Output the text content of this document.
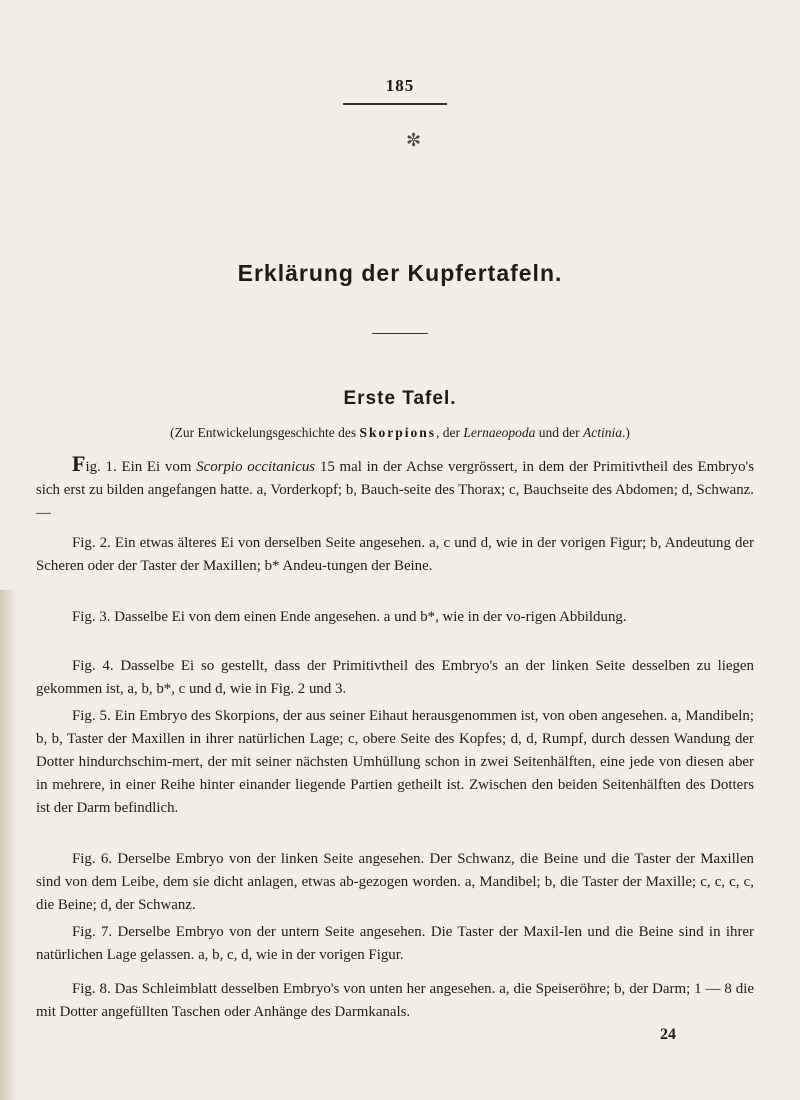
185
✼
Erklärung der Kupfertafeln.
Erste Tafel.
(Zur Entwickelungsgeschichte des Skorpions, der Lernaeopoda und der Actinia.)

Fig. 1. Ein Ei vom Scorpio occitanicus 15 mal in der Achse vergrössert, in dem der Primitivtheil des Embryo's sich erst zu bilden angefangen hatte. a, Vorderkopf; b, Bauch-seite des Thorax; c, Bauchseite des Abdomen; d, Schwanz. —

Fig. 2. Ein etwas älteres Ei von derselben Seite angesehen. a, c und d, wie in der vorigen Figur; b, Andeutung der Scheren oder der Taster der Maxillen; b* Andeu-tungen der Beine.

Fig. 3. Dasselbe Ei von dem einen Ende angesehen. a und b*, wie in der vo-rigen Abbildung.

Fig. 4. Dasselbe Ei so gestellt, dass der Primitivtheil des Embryo's an der linken Seite desselben zu liegen gekommen ist, a, b, b*, c und d, wie in Fig. 2 und 3.

Fig. 5. Ein Embryo des Skorpions, der aus seiner Eihaut herausgenommen ist, von oben angesehen. a, Mandibeln; b, b, Taster der Maxillen in ihrer natürlichen Lage; c, obere Seite des Kopfes; d, d, Rumpf, durch dessen Wandung der Dotter hindurchschim-mert, der mit seiner nächsten Umhüllung schon in zwei Seitenhälften, eine jede von diesen aber in mehrere, in einer Reihe hinter einander liegende Partien getheilt ist. Zwischen den beiden Seitenhälften des Dotters ist der Darm befindlich.

Fig. 6. Derselbe Embryo von der linken Seite angesehen. Der Schwanz, die Beine und die Taster der Maxillen sind von dem Leibe, dem sie dicht anlagen, etwas ab-gezogen worden. a, Mandibel; b, die Taster der Maxille; c, c, c, c, die Beine; d, der Schwanz.

Fig. 7. Derselbe Embryo von der untern Seite angesehen. Die Taster der Maxil-len und die Beine sind in ihrer natürlichen Lage gelassen. a, b, c, d, wie in der vorigen Figur.

Fig. 8. Das Schleimblatt desselben Embryo's von unten her angesehen. a, die Speiseröhre; b, der Darm; 1 — 8 die mit Dotter angefüllten Taschen oder Anhänge des Darmkanals.

24
